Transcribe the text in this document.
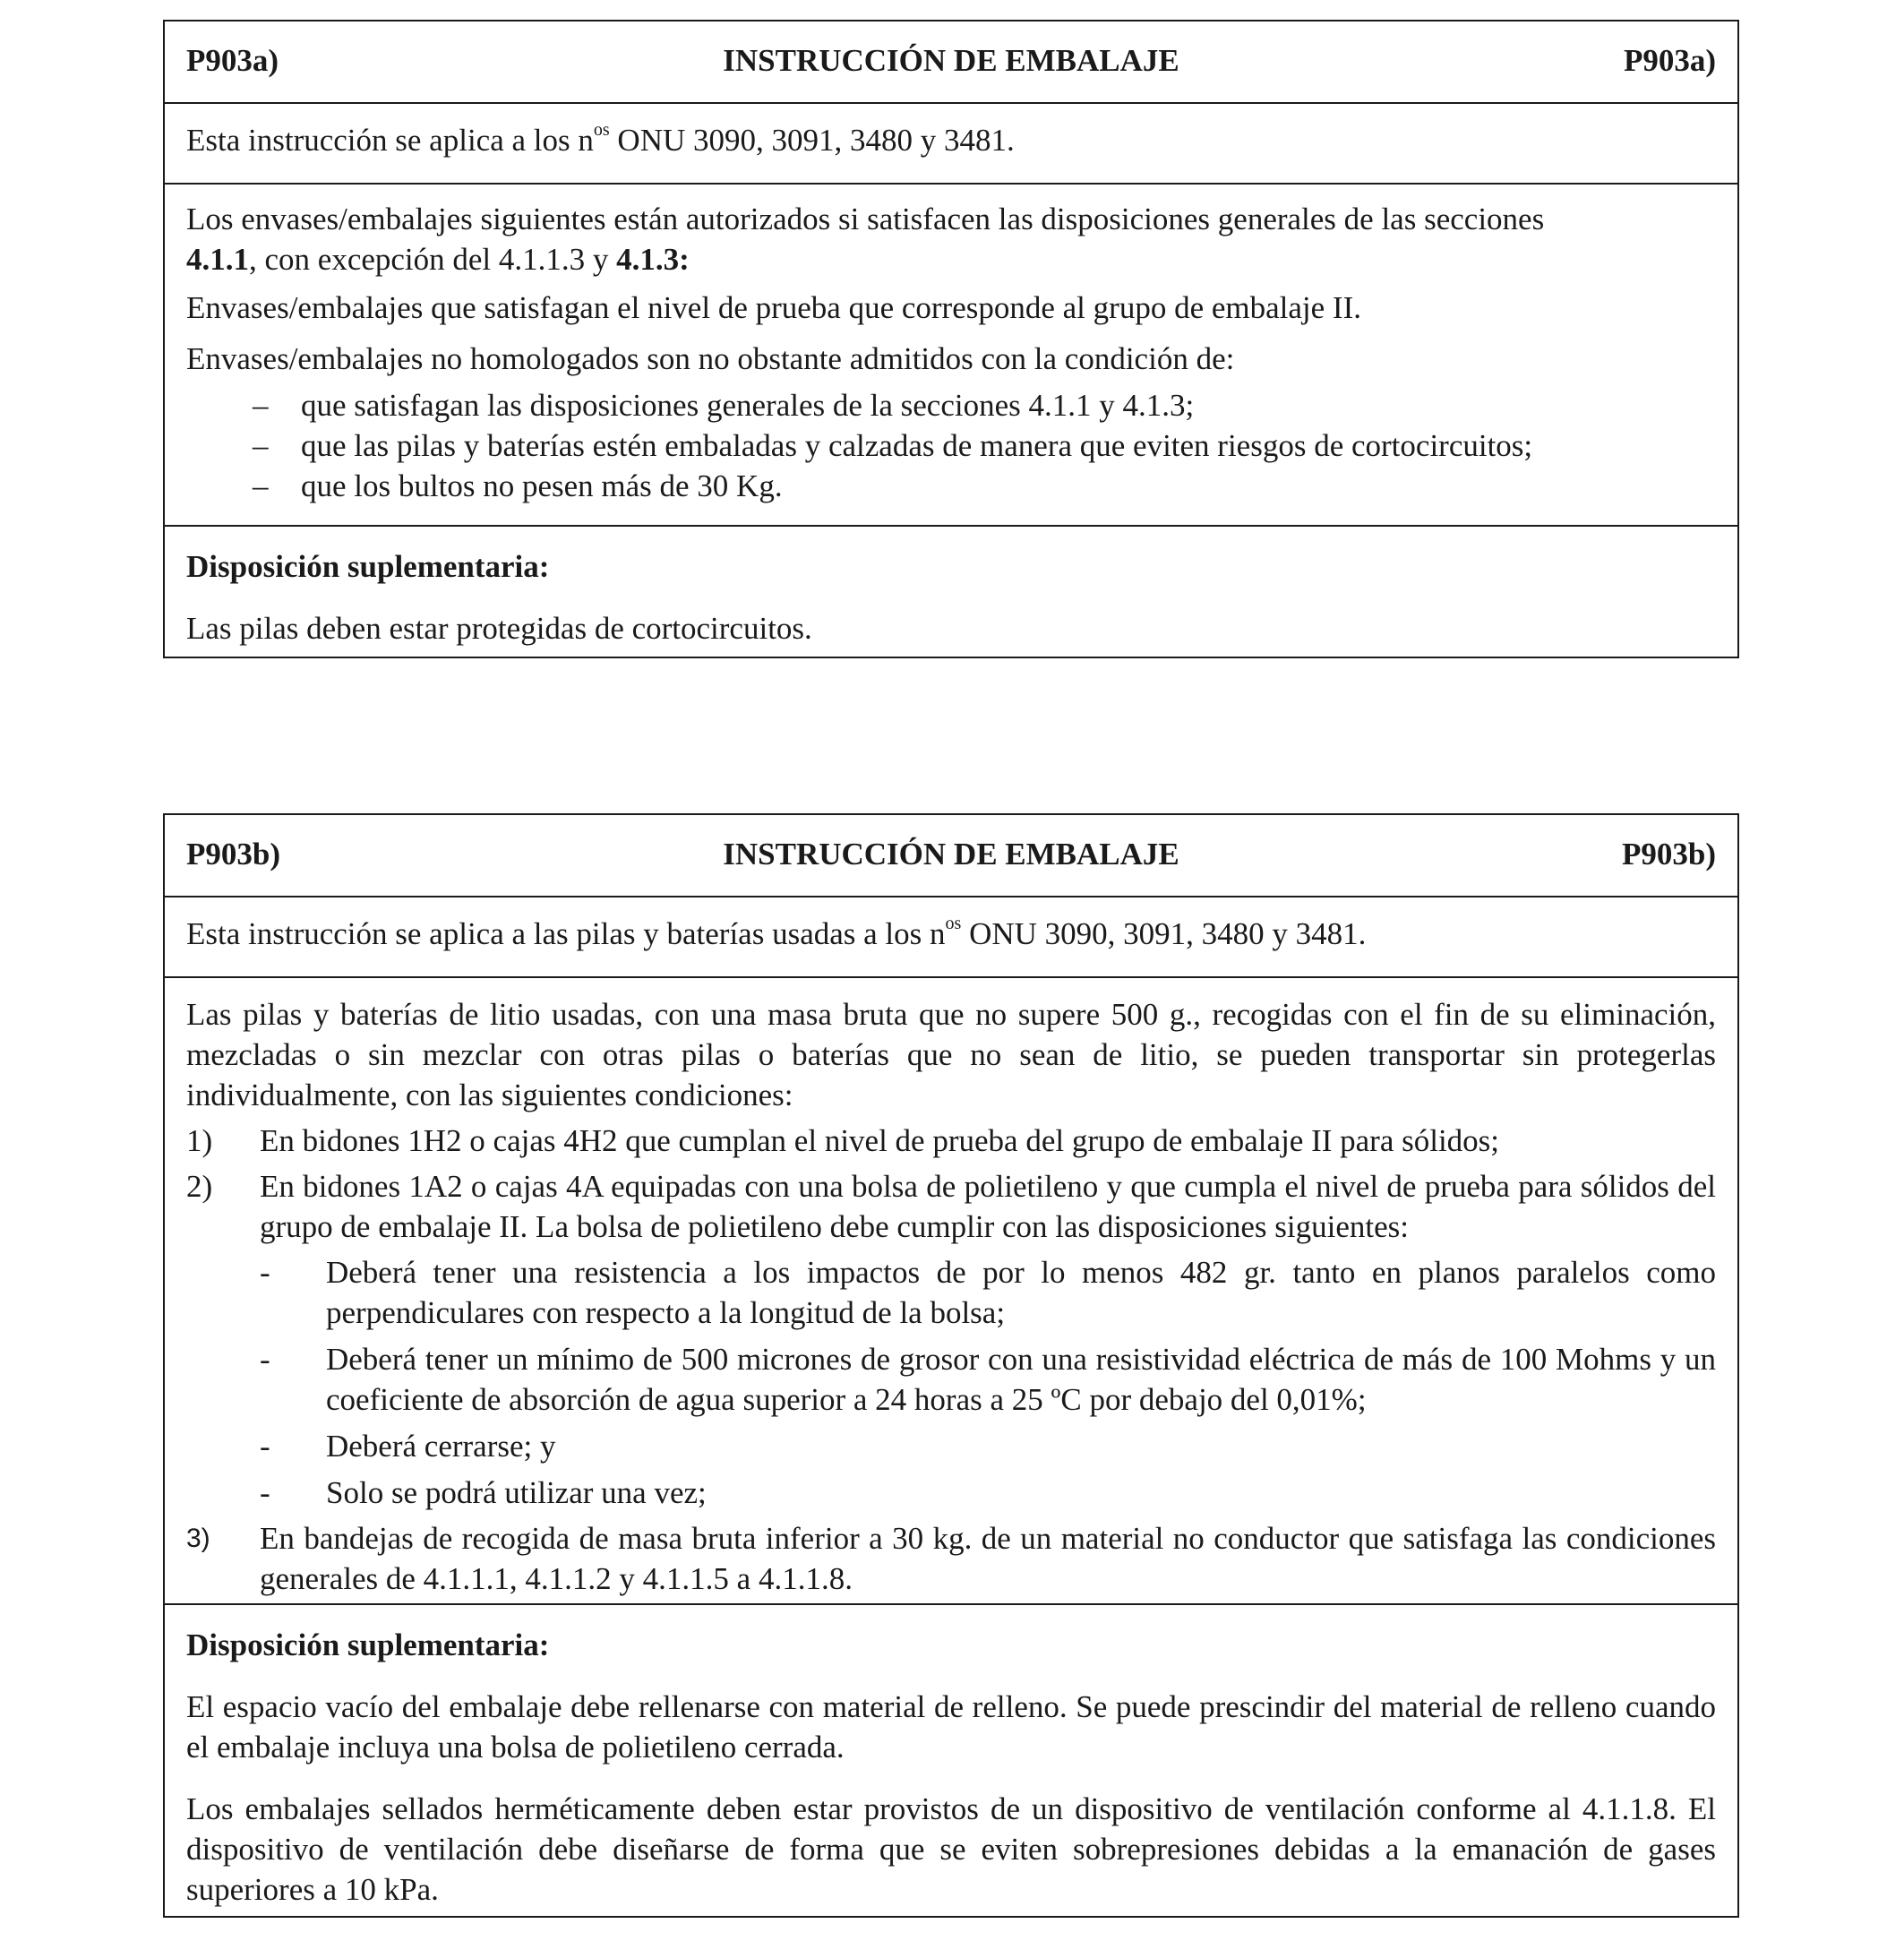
P903a)	INSTRUCCIÓN DE EMBALAJE	P903a)

Esta instrucción se aplica a los $n^{os}$ ONU 3090, 3091, 3480 y 3481.

Los envases/embalajes siguientes están autorizados si satisfacen las disposiciones generales de las secciones
4.1.1, con excepción del 4.1.1.3 y 4.1.3:

Envases/embalajes que satisfagan el nivel de prueba que corresponde al grupo de embalaje II.

Envases/embalajes no homologados son no obstante admitidos con la condición de:

– que satisfagan las disposiciones generales de la secciones 4.1.1 y 4.1.3;
– que las pilas y baterías estén embaladas y calzadas de manera que eviten riesgos de cortocircuitos;
– que los bultos no pesen más de 30 Kg.

Disposición suplementaria:

Las pilas deben estar protegidas de cortocircuitos.

P903b)	INSTRUCCIÓN DE EMBALAJE	P903b)

Esta instrucción se aplica a las pilas y baterías usadas a los $n^{os}$ ONU 3090, 3091, 3480 y 3481.

Las pilas y baterías de litio usadas, con una masa bruta que no supere 500 g., recogidas con el fin de su eliminación, mezcladas o sin mezclar con otras pilas o baterías que no sean de litio, se pueden transportar sin protegerlas individualmente, con las siguientes condiciones:

1) En bidones 1H2 o cajas 4H2 que cumplan el nivel de prueba del grupo de embalaje II para sólidos;
2) En bidones 1A2 o cajas 4A equipadas con una bolsa de polietileno y que cumpla el nivel de prueba para sólidos del grupo de embalaje II. La bolsa de polietileno debe cumplir con las disposiciones siguientes:
- Deberá tener una resistencia a los impactos de por lo menos 482 gr. tanto en planos paralelos como perpendiculares con respecto a la longitud de la bolsa;
- Deberá tener un mínimo de 500 micrones de grosor con una resistividad eléctrica de más de 100 Mohms y un coeficiente de absorción de agua superior a 24 horas a 25 ºC por debajo del 0,01%;
- Deberá cerrarse; y
- Solo se podrá utilizar una vez;
3) En bandejas de recogida de masa bruta inferior a 30 kg. de un material no conductor que satisfaga las condiciones generales de 4.1.1.1, 4.1.1.2 y 4.1.1.5 a 4.1.1.8.

Disposición suplementaria:

El espacio vacío del embalaje debe rellenarse con material de relleno. Se puede prescindir del material de relleno cuando el embalaje incluya una bolsa de polietileno cerrada.

Los embalajes sellados herméticamente deben estar provistos de un dispositivo de ventilación conforme al 4.1.1.8. El dispositivo de ventilación debe diseñarse de forma que se eviten sobrepresiones debidas a la emanación de gases superiores a 10 kPa.
